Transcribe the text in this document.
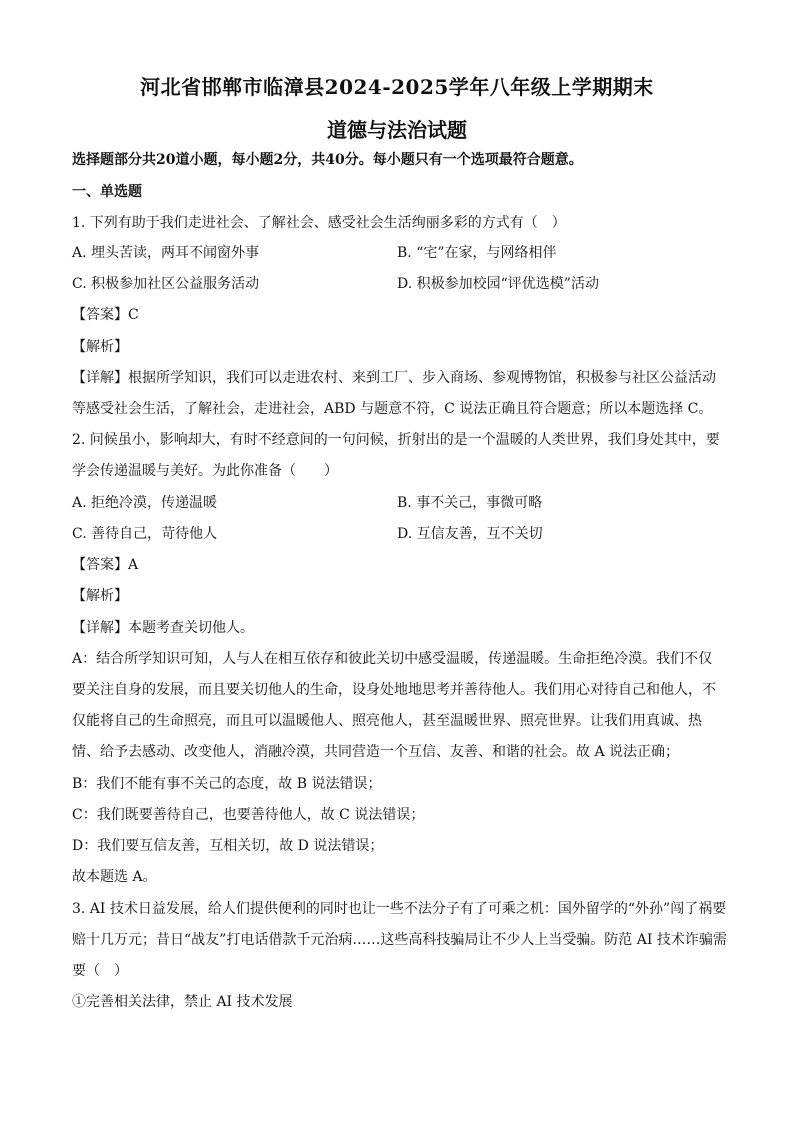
河北省邯郸市临漳县2024-2025学年八年级上学期期末
道德与法治试题
选择题部分共20道小题，每小题2分，共40分。每小题只有一个选项最符合题意。
一、单选题
1. 下列有助于我们走进社会、了解社会、感受社会生活绚丽多彩的方式有（　）
A. 埋头苦读，两耳不闻窗外事	B. “宅”在家，与网络相伴
C. 积极参加社区公益服务活动	D. 积极参加校园“评优选模”活动
【答案】C
【解析】
【详解】根据所学知识，我们可以走进农村、来到工厂、步入商场、参观博物馆，积极参与社区公益活动
等感受社会生活，了解社会，走进社会，ABD 与题意不符，C 说法正确且符合题意；所以本题选择 C。
2. 问候虽小，影响却大，有时不经意间的一句问候，折射出的是一个温暖的人类世界，我们身处其中，要
学会传递温暖与美好。为此你准备（　　）
A. 拒绝冷漠，传递温暖	B. 事不关己，事微可略
C. 善待自己，苛待他人	D. 互信友善，互不关切
【答案】A
【解析】
【详解】本题考查关切他人。
A：结合所学知识可知，人与人在相互依存和彼此关切中感受温暖，传递温暖。生命拒绝冷漠。我们不仅
要关注自身的发展，而且要关切他人的生命，设身处地地思考并善待他人。我们用心对待自己和他人，不
仅能将自己的生命照亮，而且可以温暖他人、照亮他人，甚至温暖世界、照亮世界。让我们用真诚、热
情、给予去感动、改变他人，消融冷漠，共同营造一个互信、友善、和谐的社会。故 A 说法正确；
B：我们不能有事不关己的态度，故 B 说法错误；
C：我们既要善待自己，也要善待他人，故 C 说法错误；
D：我们要互信友善，互相关切，故 D 说法错误；
故本题选 A。
3. AI 技术日益发展，给人们提供便利的同时也让一些不法分子有了可乘之机：国外留学的“外孙”闯了祸要
赔十几万元；昔日“战友”打电话借款千元治病……这些高科技骗局让不少人上当受骗。防范 AI 技术诈骗需
要（　）
①完善相关法律，禁止 AI 技术发展
